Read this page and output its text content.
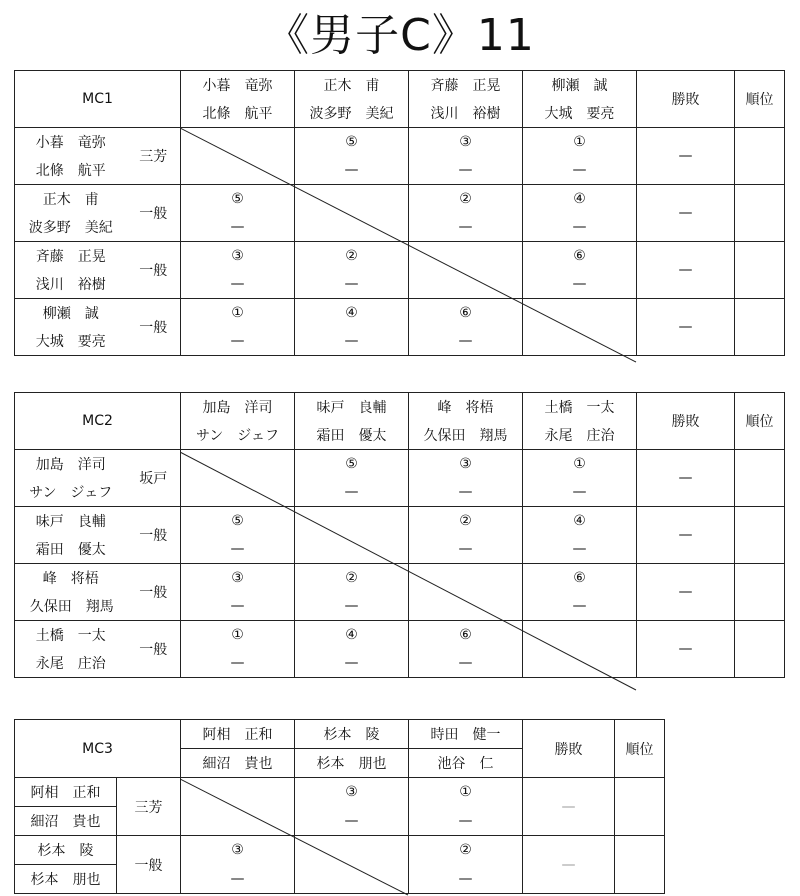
《男子C》11
MC1		小暮　竜弥	正木　甫	斉藤　正晃	柳瀬　誠	勝敗	順位
		北條　航平	波多野　美紀	浅川　裕樹	大城　要亮		
小暮　竜弥	三芳		⑤	③	①	—	
北條　航平			—	—	—		
正木　甫	一般	⑤		②	④	—	
波多野　美紀		—		—	—		
斉藤　正晃	一般	③	②		⑥	—	
浅川　裕樹		—	—		—		
柳瀬　誠	一般	①	④	⑥		—	
大城　要亮		—	—	—			
MC2		加島　洋司	味戸　良輔	峰　将梧	土橋　一太	勝敗	順位
		サン　ジェフ	霜田　優太	久保田　翔馬	永尾　庄治		
加島　洋司	坂戸		⑤	③	①	—	
サン　ジェフ			—	—	—		
味戸　良輔	一般	⑤		②	④	—	
霜田　優太		—		—	—		
峰　将梧	一般	③	②		⑥	—	
久保田　翔馬		—	—		—		
土橋　一太	一般	①	④	⑥		—	
永尾　庄治		—	—	—			
MC3		阿相　正和	杉本　陵	時田　健一	勝敗	順位
		細沼　貴也	杉本　朋也	池谷　仁		
阿相　正和	三芳		③	①	—	
細沼　貴也			—	—		
杉本　陵	一般	③		②	—	
杉本　朋也		—		—		
